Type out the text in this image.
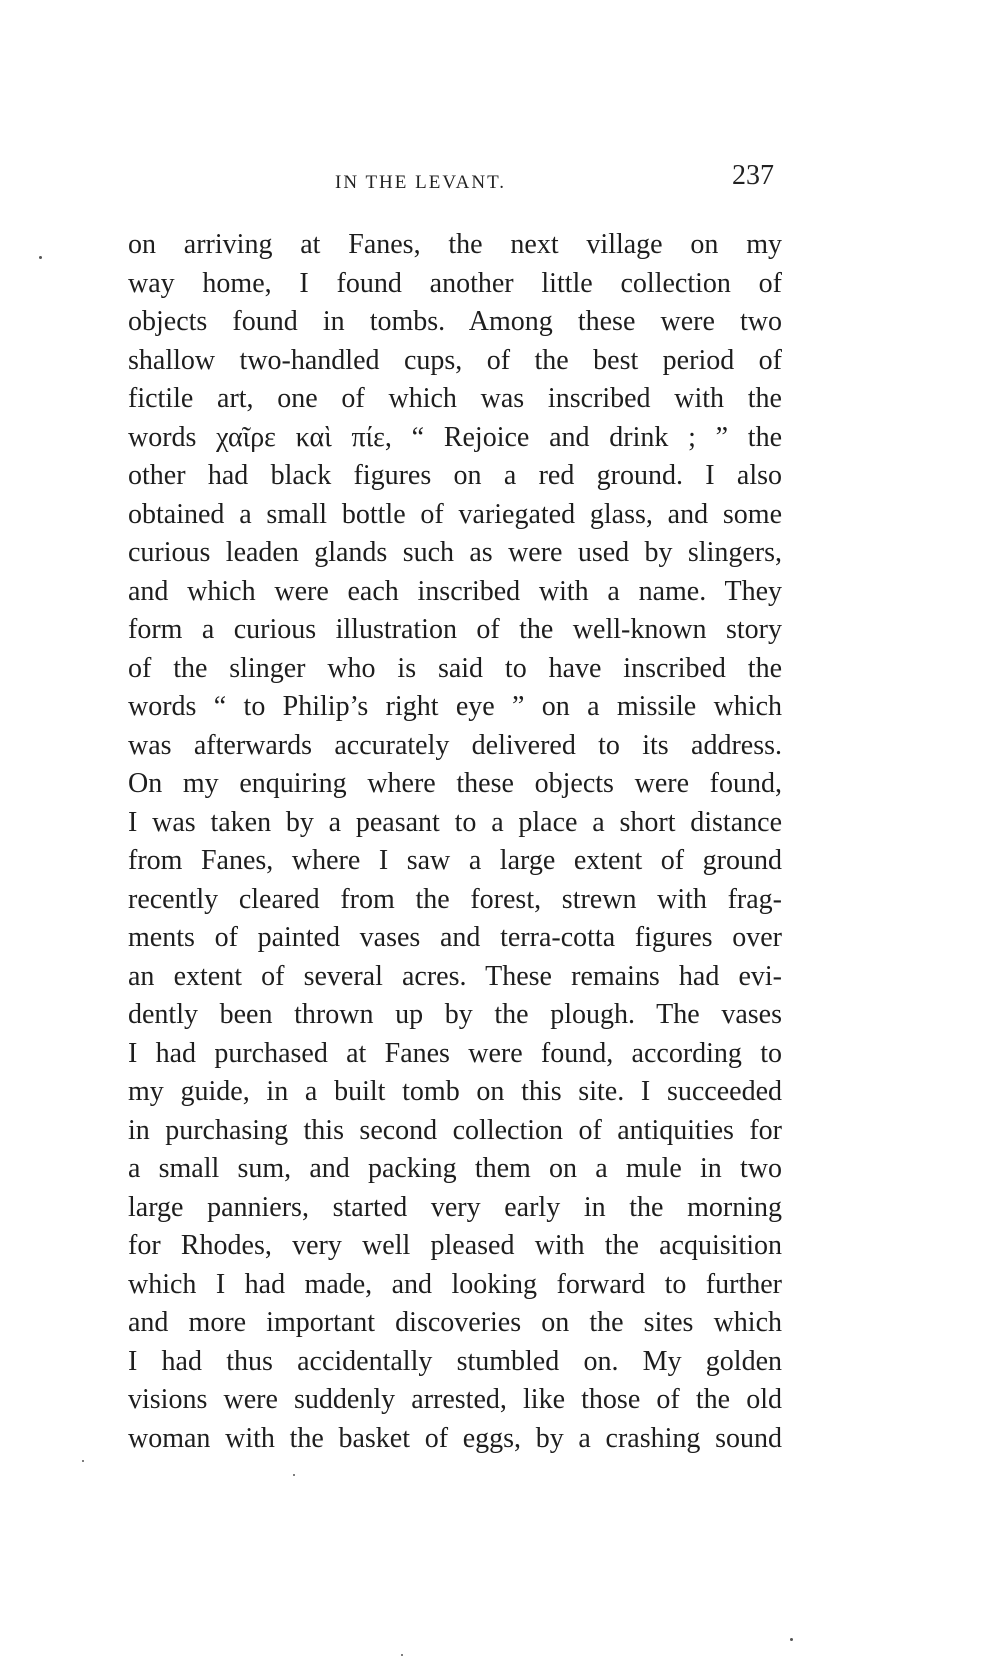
IN THE LEVANT.	237
on arriving at Fanes, the next village on my
way home, I found another little collection of
objects found in tombs. Among these were two
shallow two-handled cups, of the best period of
fictile art, one of which was inscribed with the
words χαῖρε καὶ πίε, “ Rejoice and drink ; ” the
other had black figures on a red ground. I also
obtained a small bottle of variegated glass, and some
curious leaden glands such as were used by slingers,
and which were each inscribed with a name. They
form a curious illustration of the well-known story
of the slinger who is said to have inscribed the
words “ to Philip’s right eye ” on a missile which
was afterwards accurately delivered to its address.
On my enquiring where these objects were found,
I was taken by a peasant to a place a short distance
from Fanes, where I saw a large extent of ground
recently cleared from the forest, strewn with frag-
ments of painted vases and terra-cotta figures over
an extent of several acres. These remains had evi-
dently been thrown up by the plough. The vases
I had purchased at Fanes were found, according to
my guide, in a built tomb on this site. I succeeded
in purchasing this second collection of antiquities for
a small sum, and packing them on a mule in two
large panniers, started very early in the morning
for Rhodes, very well pleased with the acquisition
which I had made, and looking forward to further
and more important discoveries on the sites which
I had thus accidentally stumbled on. My golden
visions were suddenly arrested, like those of the old
woman with the basket of eggs, by a crashing sound
